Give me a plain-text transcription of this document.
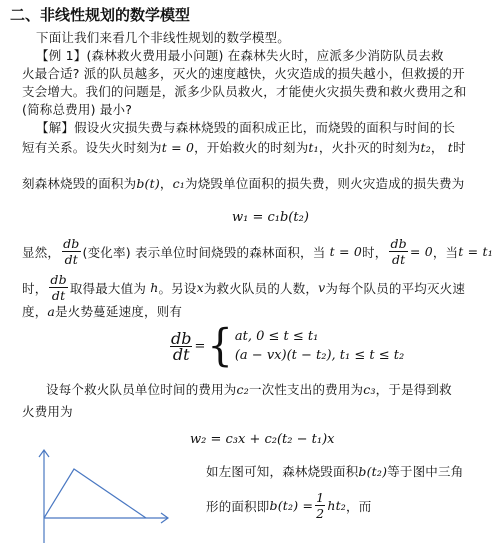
二、非线性规划的数学模型
下面让我们来看几个非线性规划的数学模型。
【例 1】(森林救火费用最小问题) 在森林失火时，应派多少消防队员去救
火最合适? 派的队员越多，灭火的速度越快，火灾造成的损失越小，但救援的开
支会增大。我们的问题是，派多少队员救火，才能使火灾损失费和救火费用之和
(简称总费用) 最小?
【解】假设火灾损失费与森林烧毁的面积成正比，而烧毁的面积与时间的长
短有关系。设失火时刻为t = 0，开始救火的时刻为t₁，火扑灭的时刻为t₂， t时
刻森林烧毁的面积为b(t)，c₁为烧毁单位面积的损失费，则火灾造成的损失费为
w₁ = c₁b(t₂)
显然， $\frac{db}{dt}$ (变化率) 表示单位时间烧毁的森林面积，当
t = 0 时， $\frac{db}{dt} = 0$ ，当 t = t₁
时， $\frac{db}{dt}$ 取得最大值为
h 。另设 x 为救火队员的人数， v 为每个队员的平均灭火速
度，a是火势蔓延速度，则有
$\frac{db}{dt}$ = { at, 0 ≤ t ≤ t₁
(a − vx)(t − t₂), t₁ ≤ t ≤ t₂
设每个救火队员单位时间的费用为c₂一次性支出的费用为c₃，于是得到救
火费用为
w₂ = c₃x + c₂(t₂ − t₁)x
如左图可知，森林烧毁面积b(t₂)等于图中三角
形的面积即 $b(t_2) = \frac{1}{2} ht_2$ ，而
